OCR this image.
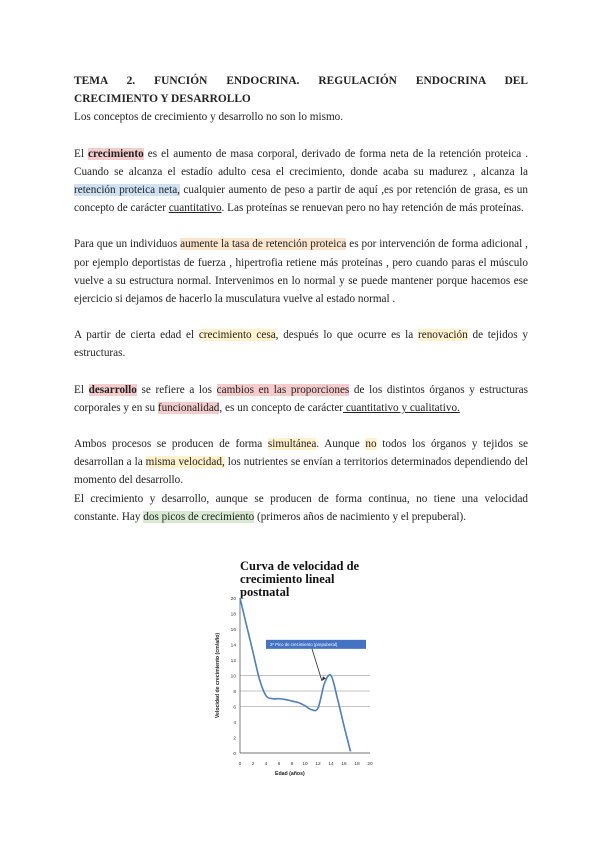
TEMA 2. FUNCIÓN ENDOCRINA. REGULACIÓN ENDOCRINA DEL
CRECIMIENTO Y DESARROLLO

Los conceptos de crecimiento y desarrollo no son lo mismo.

El crecimiento es el aumento de masa corporal, derivado de forma neta de la retención proteica . Cuando se alcanza el estadío adulto cesa el crecimiento, donde acaba su madurez , alcanza la retención proteica neta, cualquier aumento de peso a partir de aquí ,es por retención de grasa, es un concepto de carácter cuantitativo. Las proteínas se renuevan pero no hay retención de más proteínas.

Para que un individuos aumente la tasa de retención proteica es por intervención de forma adicional , por ejemplo deportistas de fuerza , hipertrofia retiene más proteínas , pero cuando paras el músculo vuelve a su estructura normal. Intervenimos en lo normal y se puede mantener porque hacemos ese ejercicio si dejamos de hacerlo la musculatura vuelve al estado normal .

A partir de cierta edad el crecimiento cesa, después lo que ocurre es la renovación de tejidos y estructuras.

El desarrollo se refiere a los cambios en las proporciones de los distintos órganos y estructuras corporales y en su funcionalidad, es un concepto de carácter cuantitativo y cualitativo.

Ambos procesos se producen de forma simultánea. Aunque no todos los órganos y tejidos se desarrollan a la misma velocidad, los nutrientes se envían a territorios determinados dependiendo del momento del desarrollo.

El crecimiento y desarrollo, aunque se producen de forma continua, no tiene una velocidad constante. Hay dos picos de crecimiento (primeros años de nacimiento y el prepuberal).

Curva de velocidad de crecimiento lineal postnatal
0
2
4
6
8
10
12
14
16
18
20
0 2 4 6 8 10 12 14 16 18 20
Edad (años)
Velocidad de crecimiento (cm/año)	2º Pico de crecimiento (prepuberal)
